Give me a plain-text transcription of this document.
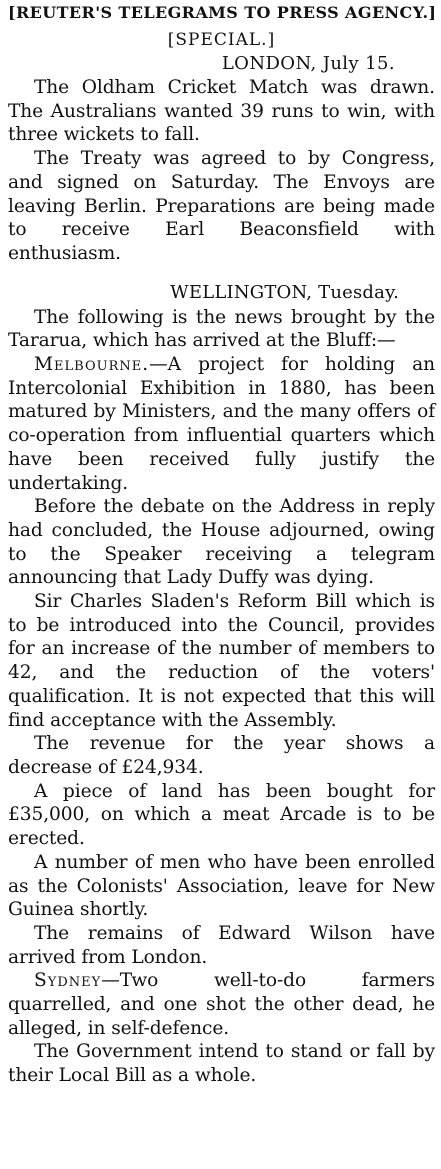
[REUTER'S TELEGRAMS TO PRESS AGENCY.]
[SPECIAL.]
LONDON, July 15.

The Oldham Cricket Match was drawn. The Australians wanted 39 runs to win, with three wickets to fall.

The Treaty was agreed to by Congress, and signed on Saturday. The Envoys are leaving Berlin. Preparations are being made to receive Earl Beaconsfield with enthusiasm.

WELLINGTON, Tuesday.

The following is the news brought by the Tararua, which has arrived at the Bluff:—

Melbourne.—A project for holding an Intercolonial Exhibition in 1880, has been matured by Ministers, and the many offers of co-operation from influential quarters which have been received fully justify the undertaking.

Before the debate on the Address in reply had concluded, the House adjourned, owing to the Speaker receiving a telegram announcing that Lady Duffy was dying.

Sir Charles Sladen's Reform Bill which is to be introduced into the Council, provides for an increase of the number of members to 42, and the reduction of the voters' qualification. It is not expected that this will find acceptance with the Assembly.

The revenue for the year shows a decrease of £24,934.

A piece of land has been bought for £35,000, on which a meat Arcade is to be erected.

A number of men who have been enrolled as the Colonists' Association, leave for New Guinea shortly.

The remains of Edward Wilson have arrived from London.

Sydney—Two well-to-do farmers quarrelled, and one shot the other dead, he alleged, in self-defence.

The Government intend to stand or fall by their Local Bill as a whole.
